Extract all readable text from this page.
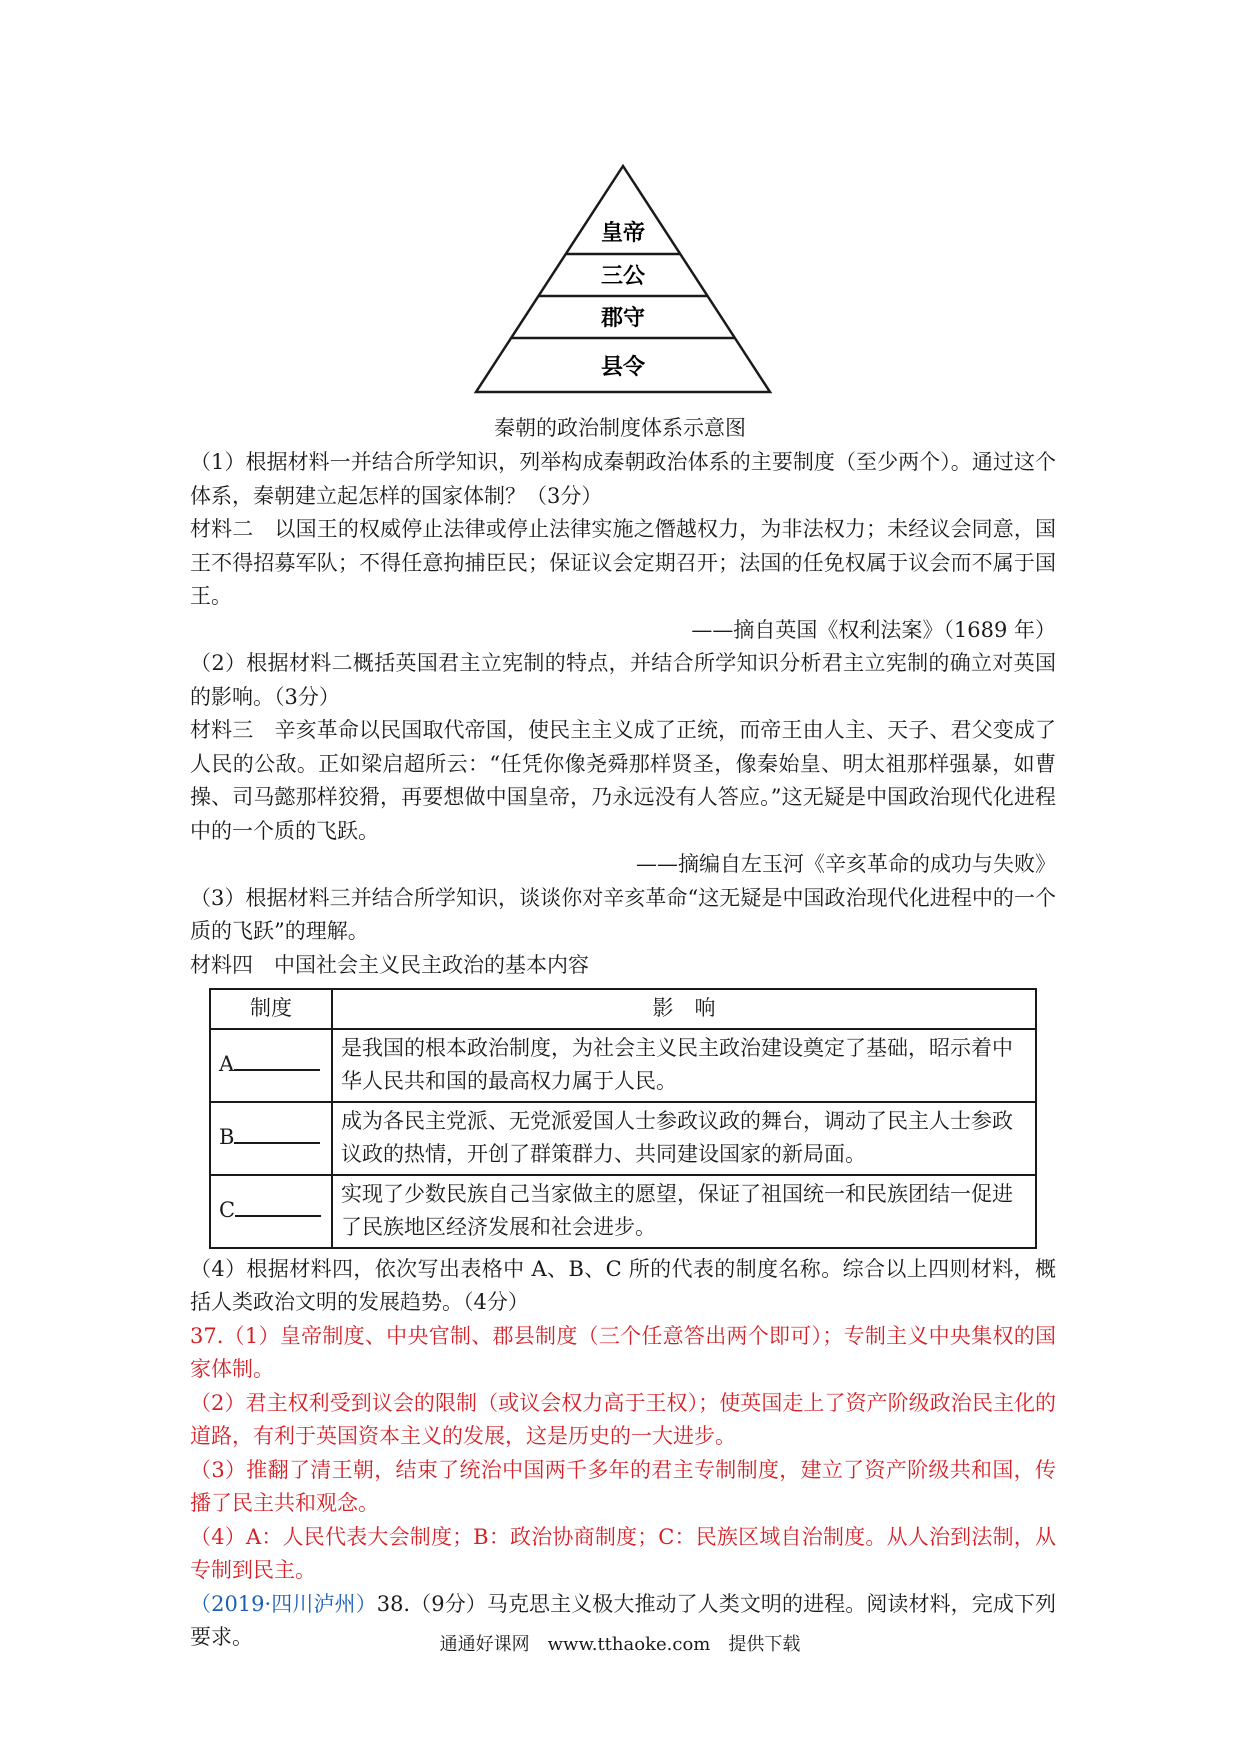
皇帝
三公
郡守
县令
秦朝的政治制度体系示意图

（1）根据材料一并结合所学知识，列举构成秦朝政治体系的主要制度（至少两个）。通过这个体系，秦朝建立起怎样的国家体制？（3分）

材料二　以国王的权威停止法律或停止法律实施之僭越权力，为非法权力；未经议会同意，国王不得招募军队；不得任意拘捕臣民；保证议会定期召开；法国的任免权属于议会而不属于国王。

——摘自英国《权利法案》（1689 年）

（2）根据材料二概括英国君主立宪制的特点，并结合所学知识分析君主立宪制的确立对英国的影响。（3分）

材料三　辛亥革命以民国取代帝国，使民主主义成了正统，而帝王由人主、天子、君父变成了人民的公敌。正如梁启超所云：“任凭你像尧舜那样贤圣，像秦始皇、明太祖那样强暴，如曹操、司马懿那样狡猾，再要想做中国皇帝，乃永远没有人答应。”这无疑是中国政治现代化进程中的一个质的飞跃。

——摘编自左玉河《辛亥革命的成功与失败》

（3）根据材料三并结合所学知识，谈谈你对辛亥革命“这无疑是中国政治现代化进程中的一个质的飞跃”的理解。

材料四　中国社会主义民主政治的基本内容

制度	影　响
A	是我国的根本政治制度，为社会主义民主政治建设奠定了基础，昭示着中华人民共和国的最高权力属于人民。
B	成为各民主党派、无党派爱国人士参政议政的舞台，调动了民主人士参政议政的热情，开创了群策群力、共同建设国家的新局面。
C	实现了少数民族自己当家做主的愿望，保证了祖国统一和民族团结一促进了民族地区经济发展和社会进步。

（4）根据材料四，依次写出表格中 A、B、C 所的代表的制度名称。综合以上四则材料，概括人类政治文明的发展趋势。（4分）

37.（1）皇帝制度、中央官制、郡县制度（三个任意答出两个即可）；专制主义中央集权的国家体制。

（2）君主权利受到议会的限制（或议会权力高于王权）；使英国走上了资产阶级政治民主化的道路，有利于英国资本主义的发展，这是历史的一大进步。

（3）推翻了清王朝，结束了统治中国两千多年的君主专制制度，建立了资产阶级共和国，传播了民主共和观念。

（4）A：人民代表大会制度；B：政治协商制度；C：民族区域自治制度。从人治到法制，从专制到民主。

（2019·四川泸州）38.（9分）马克思主义极大推动了人类文明的进程。阅读材料，完成下列要求。	通通好课网　www.tthaoke.com　提供下载
